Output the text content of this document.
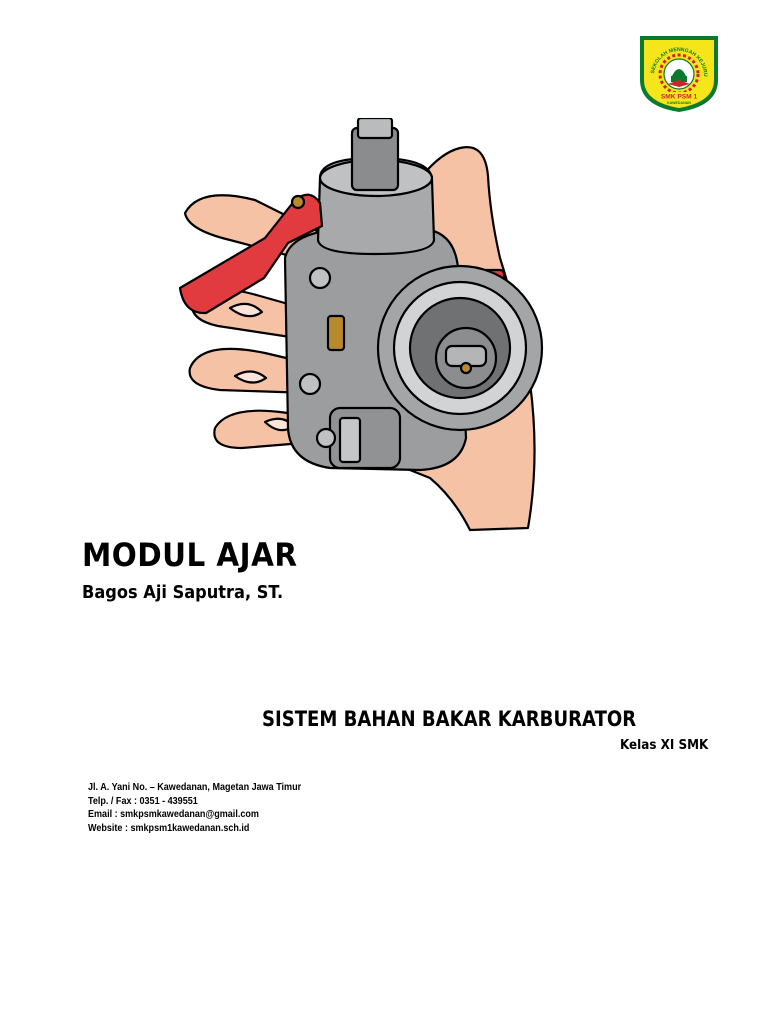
SEKOLAH MEN NGAH KEJURU
SMK PSM 1
KAWEDANAN
MODUL AJAR
Bagos Aji Saputra, ST.
SISTEM BAHAN BAKAR KARBURATOR

Kelas XI SMK

Jl. A. Yani No. – Kawedanan, Magetan Jawa Timur
Telp. / Fax : 0351 - 439551
Email : smkpsmkawedanan@gmail.com
Website : smkpsm1kawedanan.sch.id
